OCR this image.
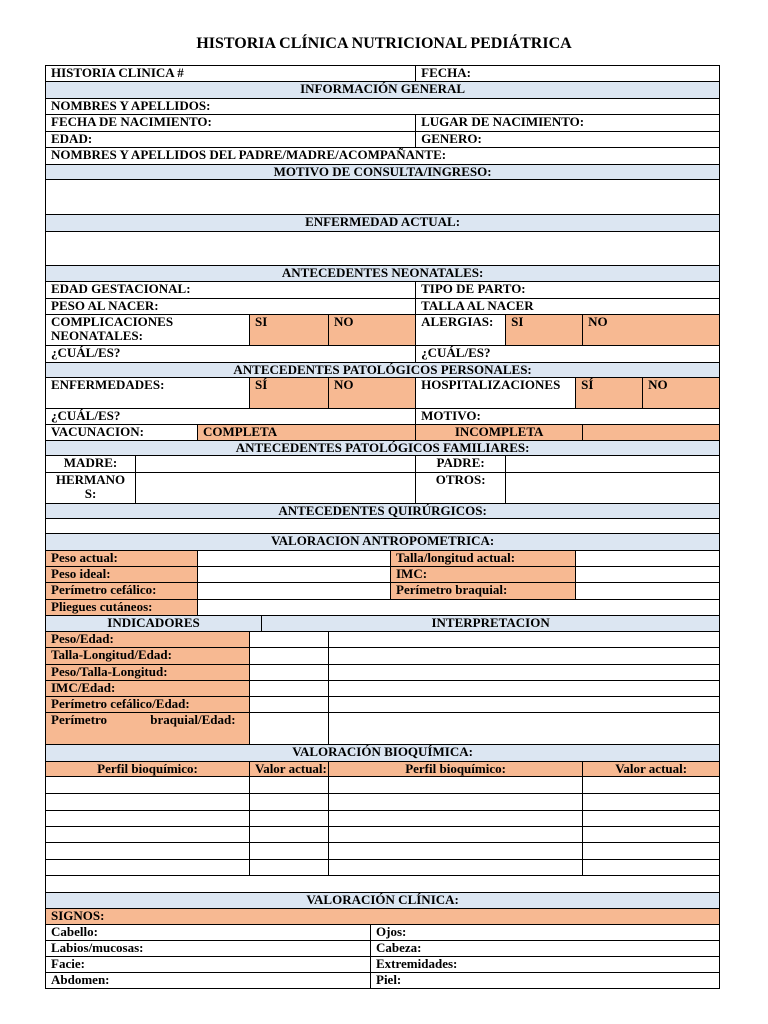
HISTORIA CLÍNICA NUTRICIONAL PEDIÁTRICA
HISTORIA CLINICA #								FECHA:				
INFORMACIÓN GENERAL												
NOMBRES Y APELLIDOS:												
FECHA DE NACIMIENTO:								LUGAR DE NACIMIENTO:				
EDAD:								GENERO:				
NOMBRES Y APELLIDOS DEL PADRE/MADRE/ACOMPAÑANTE:												
MOTIVO DE CONSULTA/INGRESO:												

ENFERMEDAD ACTUAL:												

ANTECEDENTES NEONATALES:												
EDAD GESTACIONAL:								TIPO DE PARTO:				
PESO AL NACER:								TALLA AL NACER				
COMPLICACIONES NEONATALES:			SI		NO			ALERGIAS:	SI		NO	
¿CUÁL/ES?								¿CUÁL/ES?				
ANTECEDENTES PATOLÓGICOS PERSONALES:												
ENFERMEDADES:			SÍ		NO			HOSPITALIZACIONES		SÍ		NO
¿CUÁL/ES?								MOTIVO:				
VACUNACION:		COMPLETA						INCOMPLETA				
ANTECEDENTES PATOLÓGICOS FAMILIARES:												
MADRE:								PADRE:				
HERMANOS:								OTROS:				
ANTECEDENTES QUIRÚRGICOS:												

VALORACION ANTROPOMETRICA:												
Peso actual:							Talla/longitud actual:					
Peso ideal:							IMC:					
Perímetro cefálico:							Perímetro braquial:					
Pliegues cutáneos:												
INDICADORES				INTERPRETACION								
Peso/Edad:												
Talla-Longitud/Edad:												
Peso/Talla-Longitud:												
IMC/Edad:												
Perímetro cefálico/Edad:												
Perímetro braquial/Edad:												
VALORACIÓN BIOQUÍMICA:												
Perfil bioquímico:			Valor actual:		Perfil bioquímico:						Valor actual:	

VALORACIÓN CLÍNICA:												
SIGNOS:												
Cabello:						Ojos:						
Labios/mucosas:						Cabeza:						
Facie:						Extremidades:						
Abdomen:						Piel:						
